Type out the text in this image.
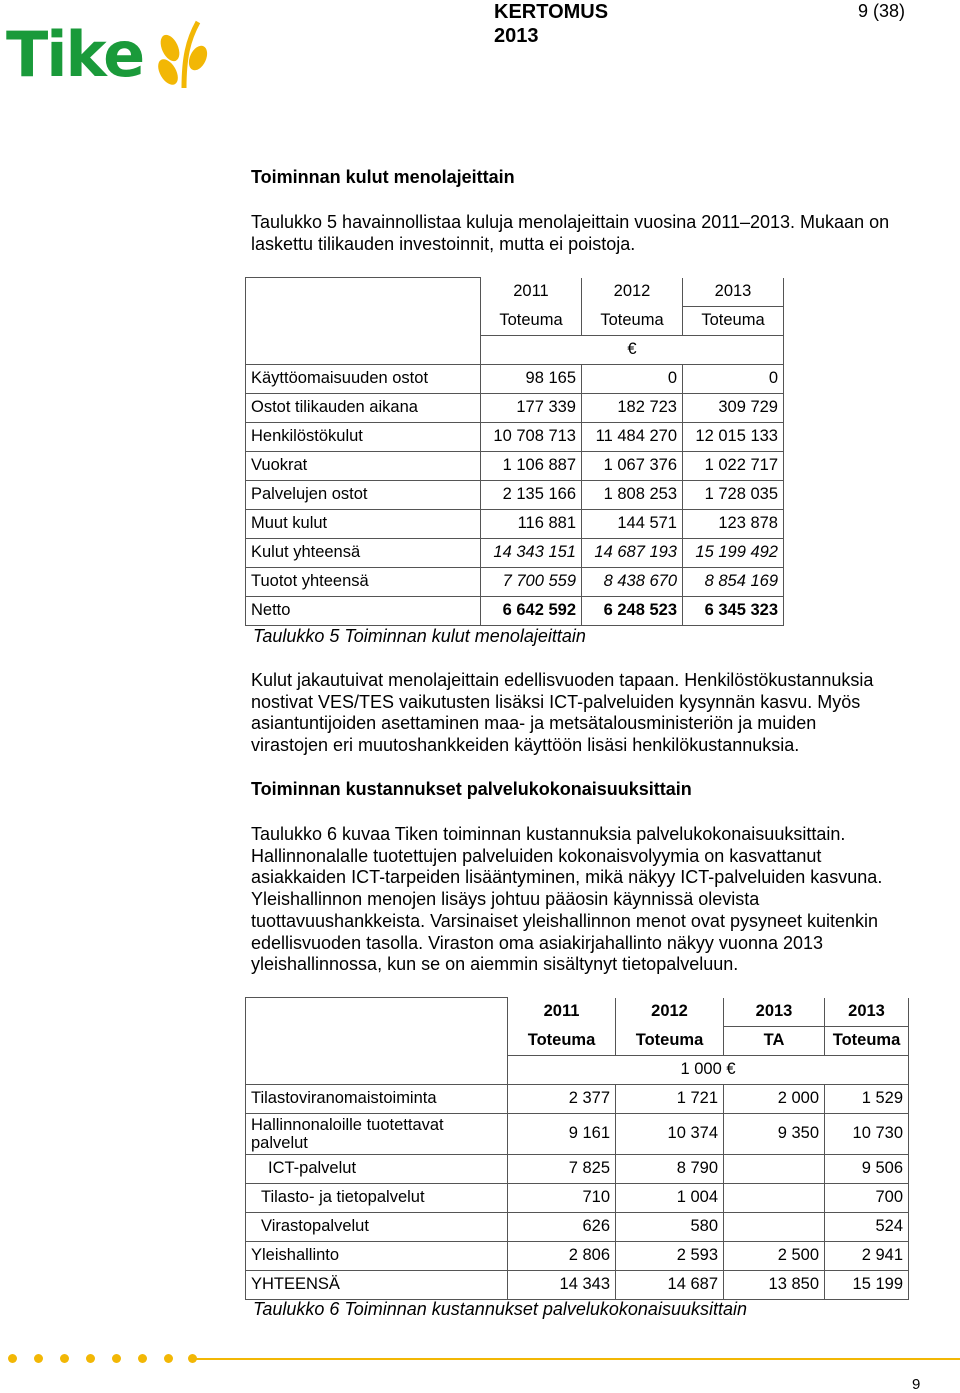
Tike
KERTOMUS
2013
9 (38)
Toiminnan kulut menolajeittain
Taulukko 5 havainnollistaa kuluja menolajeittain vuosina 2011–2013. Mukaan on
laskettu tilikauden investoinnit, mutta ei poistoja.
	2011	2012	2013
	Toteuma	Toteuma	Toteuma
	€		
Käyttöomaisuuden ostot	98 165	0	0
Ostot tilikauden aikana	177 339	182 723	309 729
Henkilöstökulut	10 708 713	11 484 270	12 015 133
Vuokrat	1 106 887	1 067 376	1 022 717
Palvelujen ostot	2 135 166	1 808 253	1 728 035
Muut kulut	116 881	144 571	123 878
Kulut yhteensä	14 343 151	14 687 193	15 199 492
Tuotot yhteensä	7 700 559	8 438 670	8 854 169
Netto	6 642 592	6 248 523	6 345 323
Taulukko 5 Toiminnan kulut menolajeittain
Kulut jakautuivat menolajeittain edellisvuoden tapaan. Henkilöstökustannuksia
nostivat VES/TES vaikutusten lisäksi ICT-palveluiden kysynnän kasvu. Myös
asiantuntijoiden asettaminen maa- ja metsätalousministeriön ja muiden
virastojen eri muutoshankkeiden käyttöön lisäsi henkilökustannuksia.
Toiminnan kustannukset palvelukokonaisuuksittain
Taulukko 6 kuvaa Tiken toiminnan kustannuksia palvelukokonaisuuksittain.
Hallinnonalalle tuotettujen palveluiden kokonaisvolyymia on kasvattanut
asiakkaiden ICT-tarpeiden lisääntyminen, mikä näkyy ICT-palveluiden kasvuna.
Yleishallinnon menojen lisäys johtuu pääosin käynnissä olevista
tuottavuushankkeista. Varsinaiset yleishallinnon menot ovat pysyneet kuitenkin
edellisvuoden tasolla. Viraston oma asiakirjahallinto näkyy vuonna 2013
yleishallinnossa, kun se on aiemmin sisältynyt tietopalveluun.
	2011	2012	2013	2013
	Toteuma	Toteuma	TA	Toteuma
	1 000 €			
Tilastoviranomaistoiminta	2 377	1 721	2 000	1 529

Hallinnonaloille tuotettavat
palvelut	9 161	10 374	9 350	10 730
ICT-palvelut	7 825	8 790		9 506
Tilasto- ja tietopalvelut	710	1 004		700
Virastopalvelut	626	580		524
Yleishallinto	2 806	2 593	2 500	2 941
YHTEENSÄ	14 343	14 687	13 850	15 199
Taulukko 6 Toiminnan kustannukset palvelukokonaisuuksittain
9
